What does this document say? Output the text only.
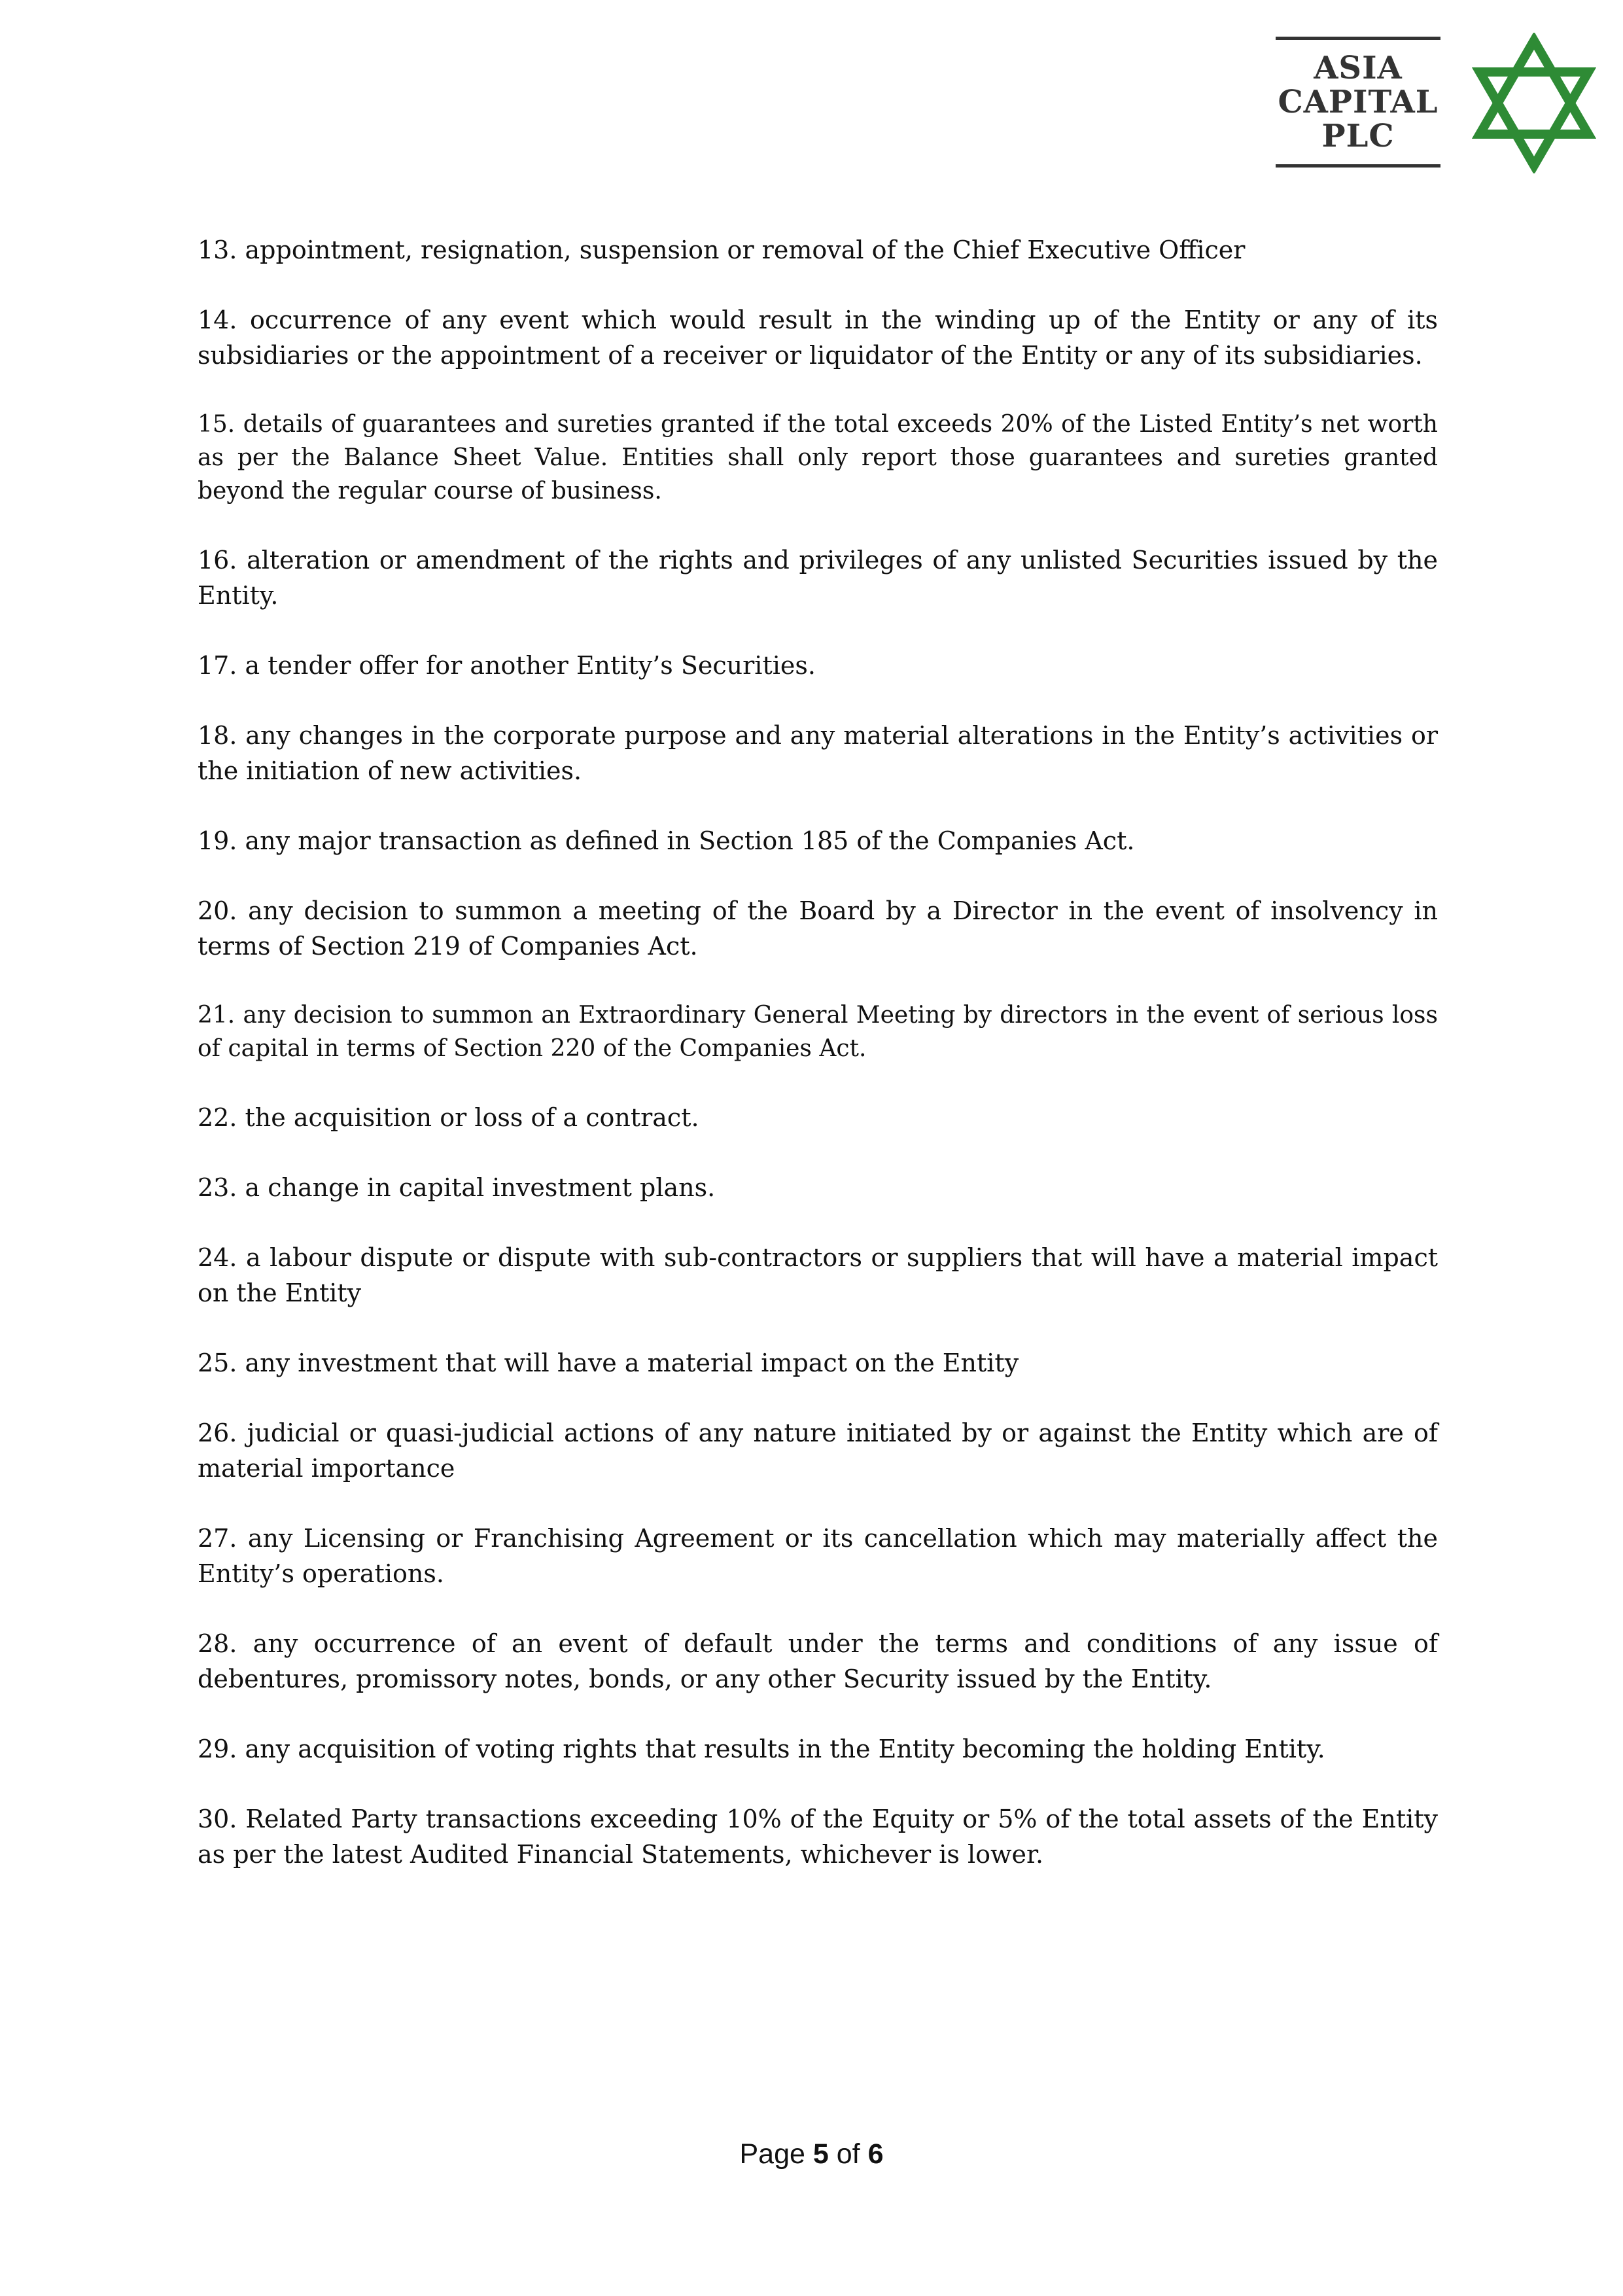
ASIA
CAPITAL
PLC

13. appointment, resignation, suspension or removal of the Chief Executive Officer

14. occurrence of any event which would result in the winding up of the Entity or any of its subsidiaries or the appointment of a receiver or liquidator of the Entity or any of its subsidiaries.

15. details of guarantees and sureties granted if the total exceeds 20% of the Listed Entity’s net worth as per the Balance Sheet Value. Entities shall only report those guarantees and sureties granted beyond the regular course of business.

16. alteration or amendment of the rights and privileges of any unlisted Securities issued by the Entity.

17. a tender offer for another Entity’s Securities.

18. any changes in the corporate purpose and any material alterations in the Entity’s activities or the initiation of new activities.

19. any major transaction as defined in Section 185 of the Companies Act.

20. any decision to summon a meeting of the Board by a Director in the event of insolvency in terms of Section 219 of Companies Act.

21. any decision to summon an Extraordinary General Meeting by directors in the event of serious loss of capital in terms of Section 220 of the Companies Act.

22. the acquisition or loss of a contract.

23. a change in capital investment plans.

24. a labour dispute or dispute with sub-contractors or suppliers that will have a material impact on the Entity

25. any investment that will have a material impact on the Entity

26. judicial or quasi-judicial actions of any nature initiated by or against the Entity which are of material importance

27. any Licensing or Franchising Agreement or its cancellation which may materially affect the Entity’s operations.

28. any occurrence of an event of default under the terms and conditions of any issue of debentures, promissory notes, bonds, or any other Security issued by the Entity.

29. any acquisition of voting rights that results in the Entity becoming the holding Entity.

30. Related Party transactions exceeding 10% of the Equity or 5% of the total assets of the Entity as per the latest Audited Financial Statements, whichever is lower.

Page 5 of 6
